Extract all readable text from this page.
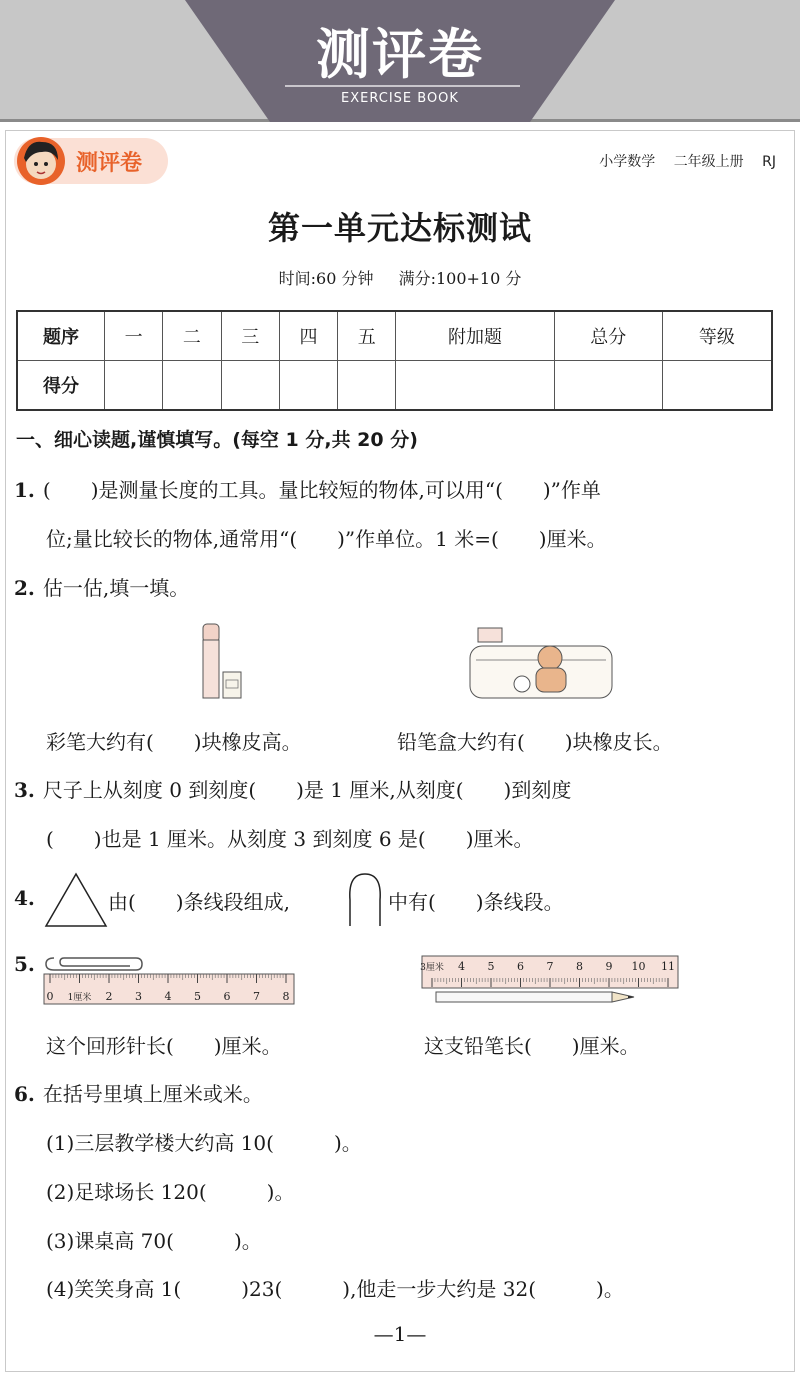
测评卷
EXERCISE BOOK
测评卷	小学数学 二年级上册 RJ
第一单元达标测试
时间:60 分钟 满分:100+10 分
题序	一	二	三	四	五	附加题	总分	等级
得分								
一、细心读题,谨慎填写。(每空 1 分,共 20 分)
1. (　　)是测量长度的工具。量比较短的物体,可以用“(　　)”作单
位;量比较长的物体,通常用“(　　)”作单位。1 米=(　　)厘米。
2. 估一估,填一填。
彩笔大约有(　　)块橡皮高。	铅笔盒大约有(　　)块橡皮长。
3. 尺子上从刻度 0 到刻度(　　)是 1 厘米,从刻度(　　)到刻度
(　　)也是 1 厘米。从刻度 3 到刻度 6 是(　　)厘米。
4.	由(　　)条线段组成,	中有(　　)条线段。
5.
0 1厘米 2 3 4 5 6 7 8
3厘米 4 5 6 7 8 9 10 11
这个回形针长(　　)厘米。	这支铅笔长(　　)厘米。
6. 在括号里填上厘米或米。
(1)三层教学楼大约高 10(　　　)。
(2)足球场长 120(　　　)。
(3)课桌高 70(　　　)。
(4)笑笑身高 1(　　　)23(　　　),他走一步大约是 32(　　　)。
—1—
